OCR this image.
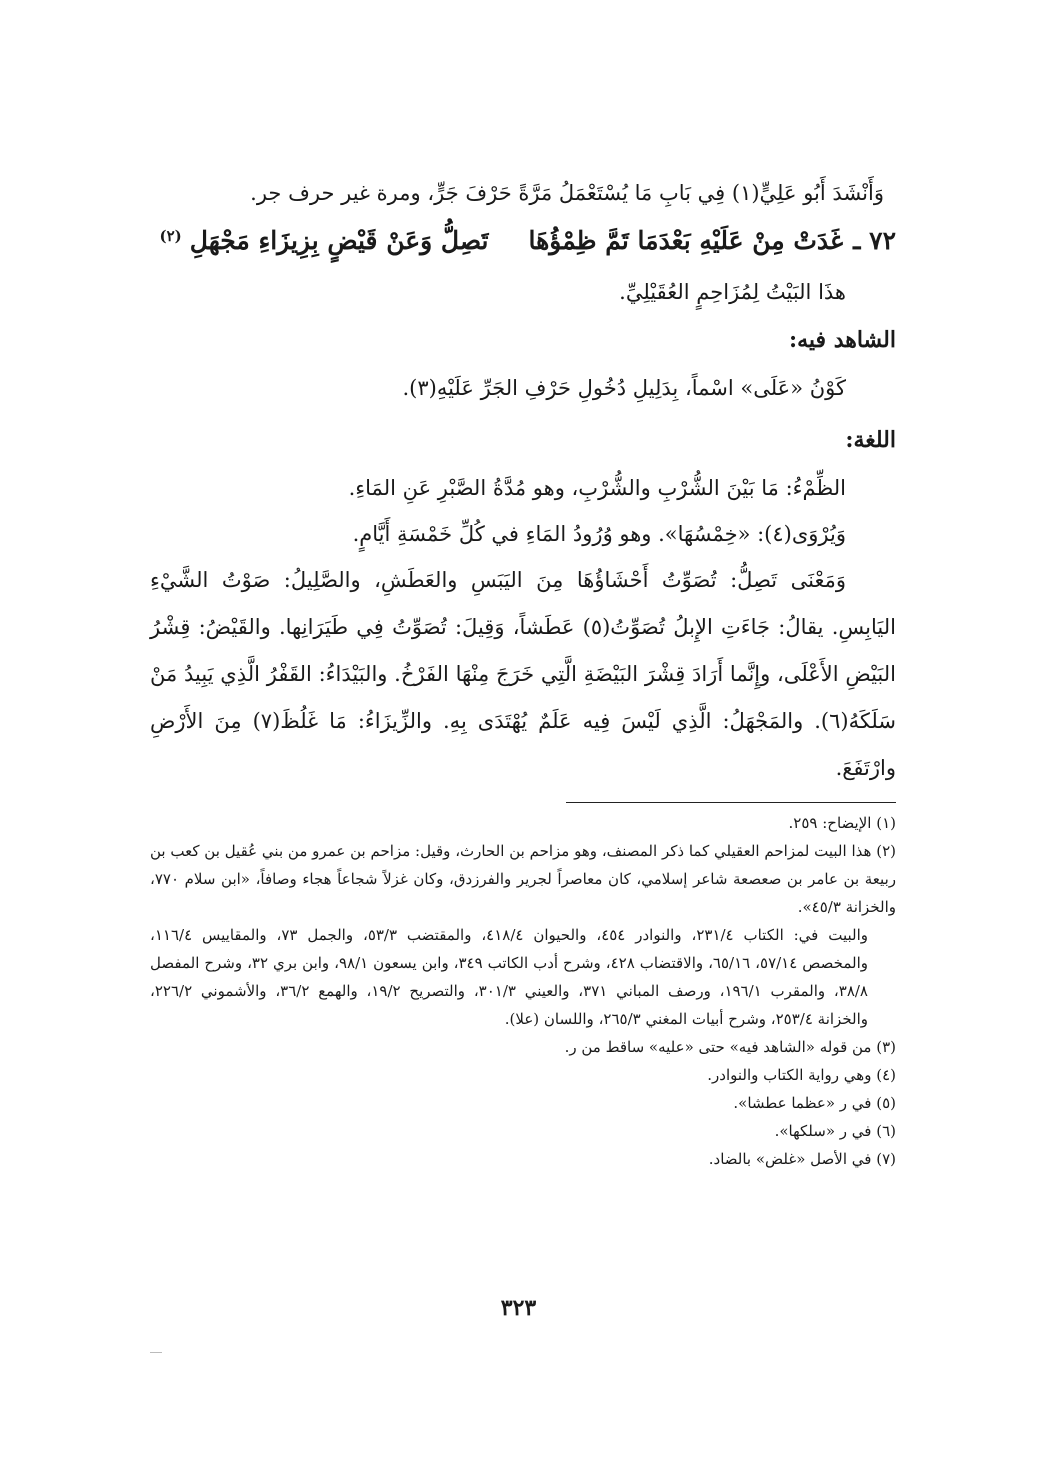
وَأَنْشَدَ أَبُو عَلِيٍّ(١) فِي بَابِ مَا يُسْتَعْمَلُ مَرَّةً حَرْفَ جَرٍّ، ومرة غير حرف جر.
٧٢ ـ
غَدَتْ مِنْ عَلَيْهِ بَعْدَمَا تَمَّ ظِمْؤُهَا
تَصِلُّ وَعَنْ قَيْضٍ بِزِيزَاءِ مَجْهَلِ
(٢)
هذَا البَيْتُ لِمُزَاحِمٍ العُقَيْلِيِّ.
الشاهد فيه:
كَوْنُ «عَلَى» اسْماً، بِدَلِيلِ دُخُولِ حَرْفِ الجَرِّ عَلَيْهِ(٣).
اللغة:
الظِّمْءُ: مَا بَيْنَ الشُّرْبِ والشُّرْبِ، وهو مُدَّةُ الصَّبْرِ عَنِ المَاءِ.
وَيُرْوَى(٤): «خِمْسُهَا». وهو وُرُودُ المَاءِ في كُلِّ خَمْسَةِ أَيَّامٍ.

وَمَعْنَى تَصِلُّ: تُصَوِّتُ أَحْشَاؤُهَا مِنَ اليَبَسِ والعَطَشِ، والصَّلِيلُ: صَوْتُ الشَّيْءِ اليَابِسِ. يقالُ: جَاءَتِ الإِبلُ تُصَوِّتُ(٥) عَطَشاً، وَقِيلَ: تُصَوِّتُ فِي طَيَرَانِها. والقَيْضُ: قِشْرُ البَيْضِ الأَعْلَى، وإِنَّما أَرَادَ قِشْرَ البَيْضَةِ الَّتِي خَرَجَ مِنْهَا الفَرْخُ. والبَيْدَاءُ: القَفْرُ الَّذِي يَبِيدُ مَنْ سَلَكَهُ(٦). والمَجْهَلُ: الَّذِي لَيْسَ فِيه عَلَمٌ يُهْتَدَى بِهِ. والزِّيزَاءُ: مَا غَلُظَ(٧) مِنَ الأَرْضِ وارْتَفَعَ.

(١) الإيضاح: ٢٥٩.

(٢) هذا البيت لمزاحم العقيلي كما ذكر المصنف، وهو مزاحم بن الحارث، وقيل: مزاحم بن عمرو من بني عُقيل بن كعب بن ربيعة بن عامر بن صعصعة شاعر إسلامي، كان معاصراً لجرير والفرزدق، وكان غزلاً شجاعاً هجاء وصافاً، «ابن سلام ٧٧٠، والخزانة ٤٥/٣».

والبيت في: الكتاب ٢٣١/٤، والنوادر ٤٥٤، والحيوان ٤١٨/٤، والمقتضب ٥٣/٣، والجمل ٧٣، والمقاييس ١١٦/٤، والمخصص ٥٧/١٤، ٦٥/١٦، والاقتضاب ٤٢٨، وشرح أدب الكاتب ٣٤٩، وابن يسعون ٩٨/١، وابن بري ٣٢، وشرح المفصل ٣٨/٨، والمقرب ١٩٦/١، ورصف المباني ٣٧١، والعيني ٣٠١/٣، والتصريح ١٩/٢، والهمع ٣٦/٢، والأشموني ٢٢٦/٢، والخزانة ٢٥٣/٤، وشرح أبيات المغني ٢٦٥/٣، واللسان (علا).

(٣) من قوله «الشاهد فيه» حتى «عليه» ساقط من ر.

(٤) وهي رواية الكتاب والنوادر.

(٥) في ر «عظما عطشا».

(٦) في ر «سلكها».

(٧) في الأصل «غلض» بالضاد.

٣٢٣
